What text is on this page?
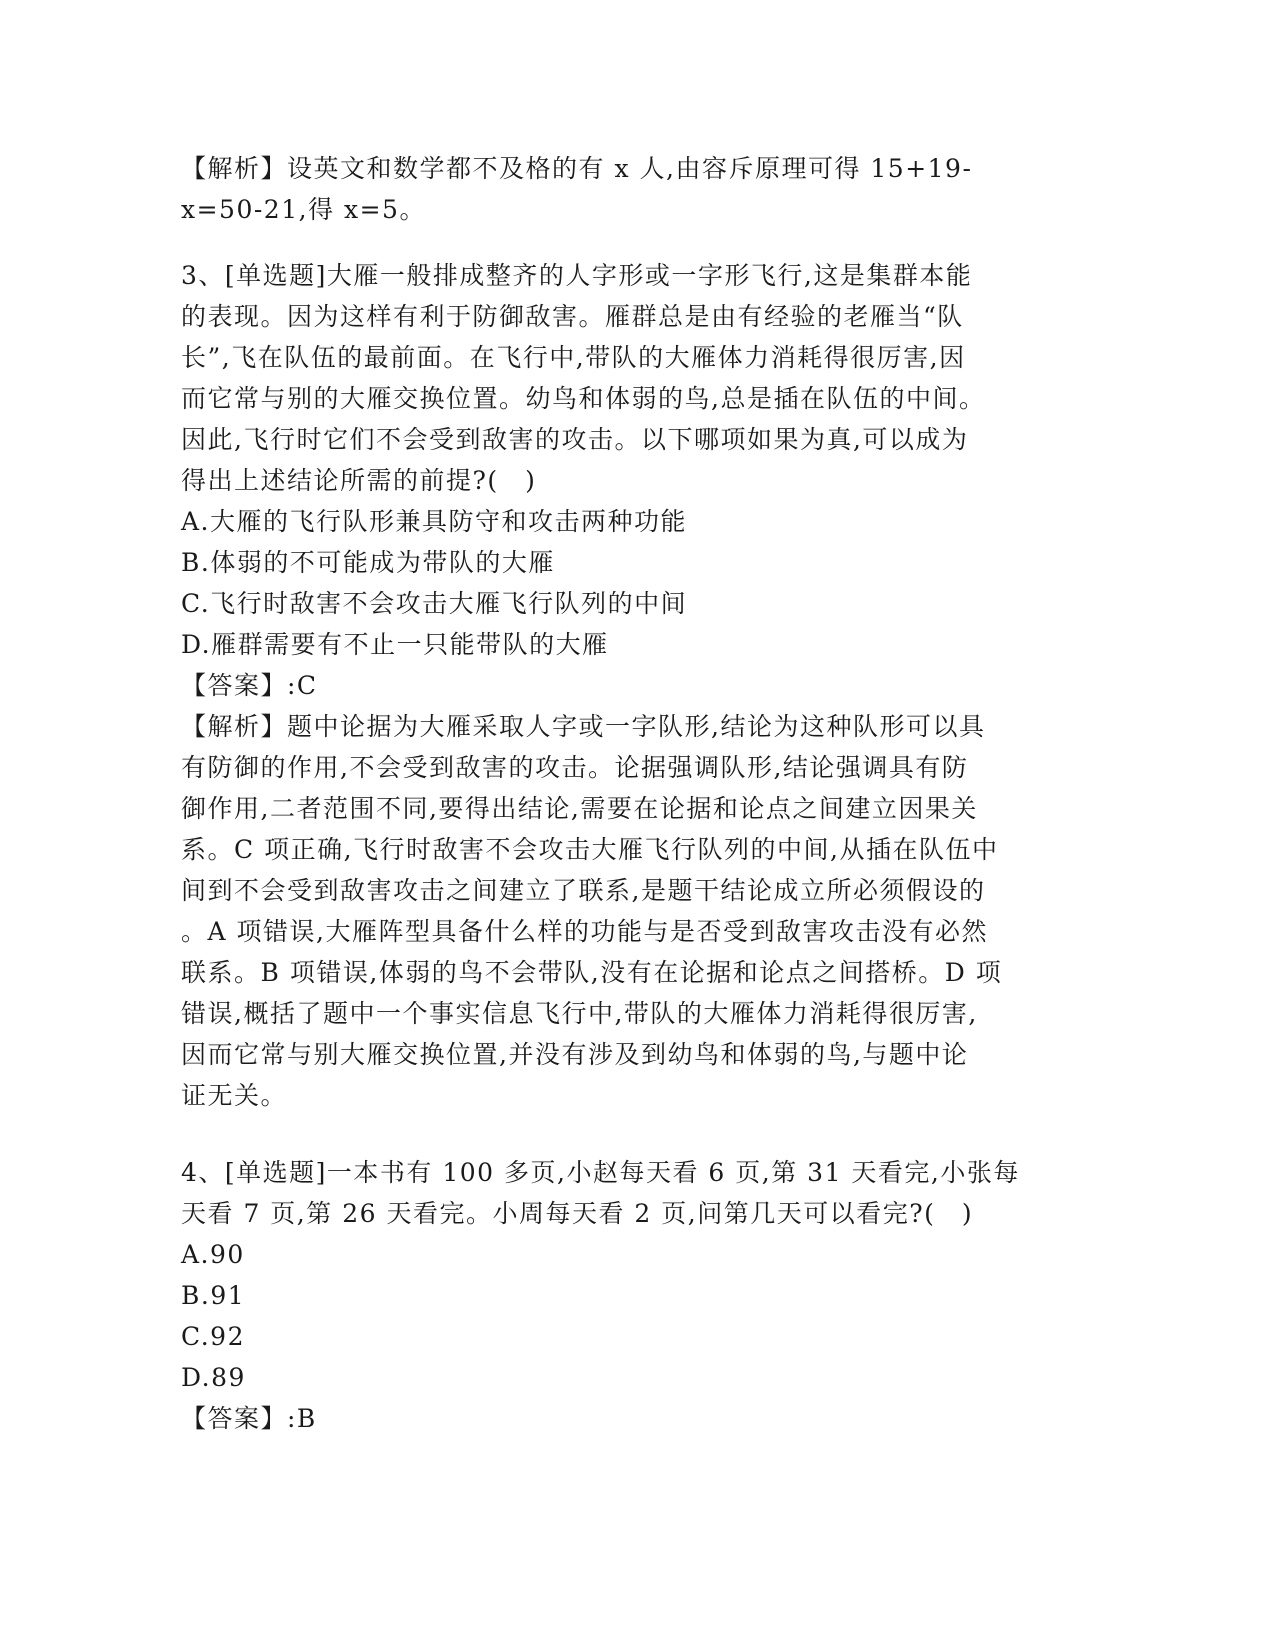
【解析】设英文和数学都不及格的有 x 人,由容斥原理可得 15+19-
x=50-21,得 x=5。
3、[单选题]大雁一般排成整齐的人字形或一字形飞行,这是集群本能
的表现。因为这样有利于防御敌害。雁群总是由有经验的老雁当“队
长”,飞在队伍的最前面。在飞行中,带队的大雁体力消耗得很厉害,因
而它常与别的大雁交换位置。幼鸟和体弱的鸟,总是插在队伍的中间。
因此,飞行时它们不会受到敌害的攻击。以下哪项如果为真,可以成为
得出上述结论所需的前提?(　)
A.大雁的飞行队形兼具防守和攻击两种功能
B.体弱的不可能成为带队的大雁
C.飞行时敌害不会攻击大雁飞行队列的中间
D.雁群需要有不止一只能带队的大雁
【答案】:C
【解析】题中论据为大雁采取人字或一字队形,结论为这种队形可以具
有防御的作用,不会受到敌害的攻击。论据强调队形,结论强调具有防
御作用,二者范围不同,要得出结论,需要在论据和论点之间建立因果关
系。C 项正确,飞行时敌害不会攻击大雁飞行队列的中间,从插在队伍中
间到不会受到敌害攻击之间建立了联系,是题干结论成立所必须假设的
。A 项错误,大雁阵型具备什么样的功能与是否受到敌害攻击没有必然
联系。B 项错误,体弱的鸟不会带队,没有在论据和论点之间搭桥。D 项
错误,概括了题中一个事实信息飞行中,带队的大雁体力消耗得很厉害,
因而它常与别大雁交换位置,并没有涉及到幼鸟和体弱的鸟,与题中论
证无关。
4、[单选题]一本书有 100 多页,小赵每天看 6 页,第 31 天看完,小张每
天看 7 页,第 26 天看完。小周每天看 2 页,问第几天可以看完?(　)
A.90
B.91
C.92
D.89
【答案】:B
